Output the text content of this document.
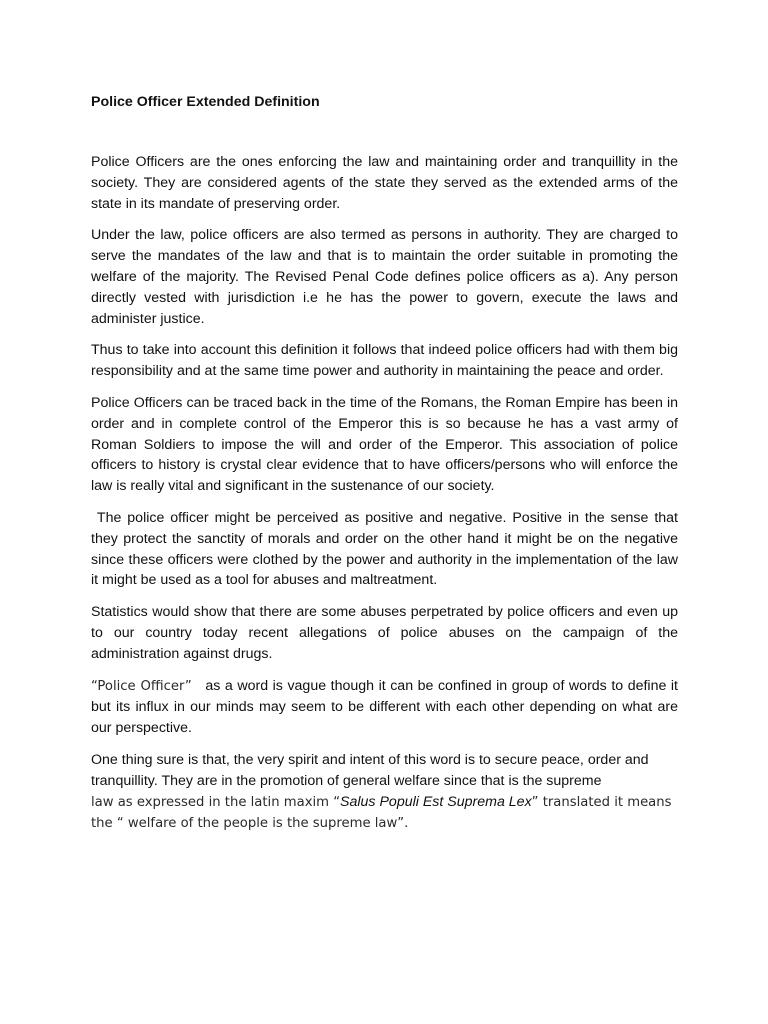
Police Officer Extended Definition

Police Officers are the ones enforcing the law and maintaining order and tranquillity in the society. They are considered agents of the state they served as the extended arms of the state in its mandate of preserving order.

Under the law, police officers are also termed as persons in authority. They are charged to serve the mandates of the law and that is to maintain the order suitable in promoting the welfare of the majority. The Revised Penal Code defines police officers as a). Any person directly vested with jurisdiction i.e he has the power to govern, execute the laws and administer justice.

Thus to take into account this definition it follows that indeed police officers had with them big responsibility and at the same time power and authority in maintaining the peace and order.

Police Officers can be traced back in the time of the Romans, the Roman Empire has been in order and in complete control of the Emperor this is so because he has a vast army of Roman Soldiers to impose the will and order of the Emperor. This association of police officers to history is crystal clear evidence that to have officers/persons who will enforce the law is really vital and significant in the sustenance of our society.

The police officer might be perceived as positive and negative. Positive in the sense that they protect the sanctity of morals and order on the other hand it might be on the negative since these officers were clothed by the power and authority in the implementation of the law it might be used as a tool for abuses and maltreatment.

Statistics would show that there are some abuses perpetrated by police officers and even up to our country today recent allegations of police abuses on the campaign of the administration against drugs.

“Police Officer”   as a word is vague though it can be confined in group of words to define it but its influx in our minds may seem to be different with each other depending on what are our perspective.

One thing sure is that, the very spirit and intent of this word is to secure peace, order and tranquillity. They are in the promotion of general welfare since that is the supreme
law as expressed in the latin maxim “Salus Populi Est Suprema Lex” translated it means
the “ welfare of the people is the supreme law”.
